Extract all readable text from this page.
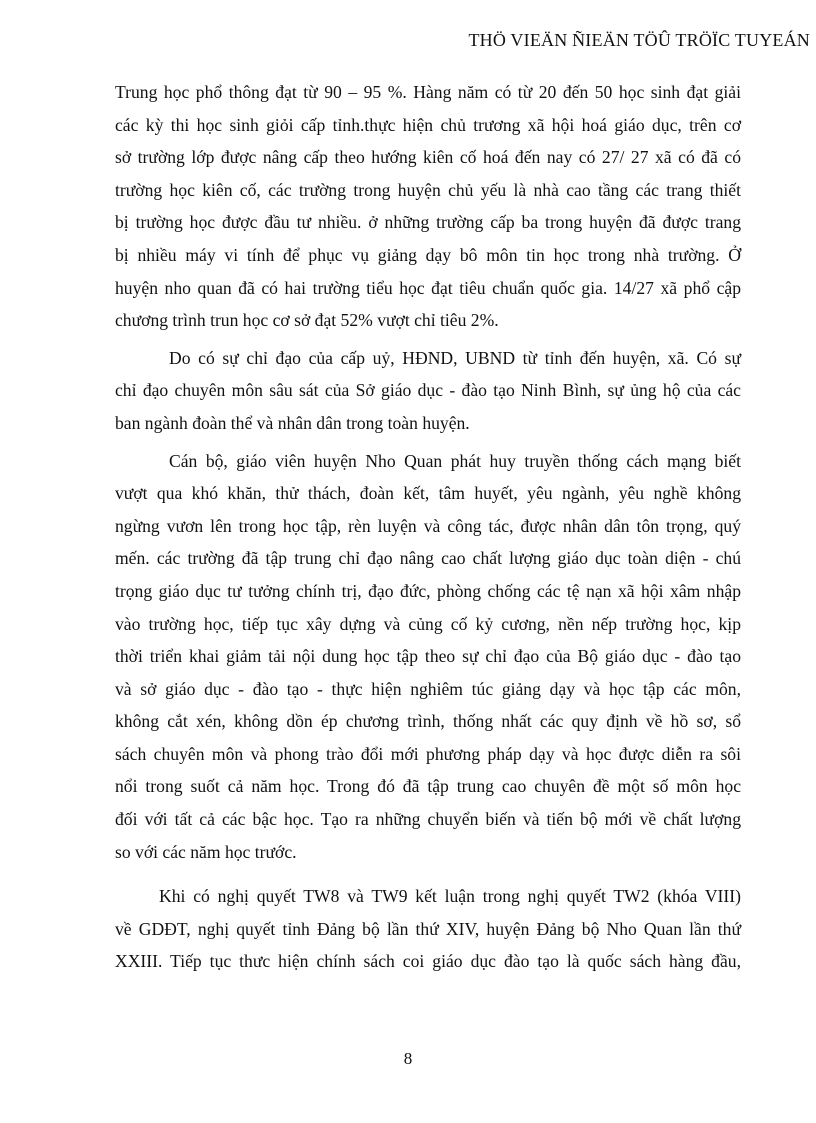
THÖ VIEÄN ÑIEÄN TÖÛ TRÖÏC TUYEÁN

Trung học phổ thông đạt từ 90 – 95 %. Hàng năm có từ 20 đến 50 học sinh đạt giải
các kỳ thi học sinh giỏi cấp tỉnh.thực hiện chủ trương xã hội hoá giáo dục, trên cơ
sở trường lớp được nâng cấp theo hướng kiên cố hoá đến nay có 27/ 27 xã có đã có
trường học kiên cố, các trường trong huyện chủ yếu là nhà cao tầng các trang thiết
bị trường học được đầu tư nhiều. ở những trường cấp ba trong huyện đã được trang
bị nhiều máy vi tính để phục vụ giảng dạy bô môn tin học trong nhà trường. Ở
huyện nho quan đã có hai trường tiểu học đạt tiêu chuẩn quốc gia. 14/27 xã phổ cập
chương trình trun học cơ sở đạt 52% vượt chỉ tiêu 2%.

Do có sự chỉ đạo của cấp uỷ, HĐND, UBND từ tỉnh đến huyện, xã. Có sự
chỉ đạo chuyên môn sâu sát của Sở giáo dục - đào tạo Ninh Bình, sự ủng hộ của các
ban ngành đoàn thể và nhân dân trong toàn huyện.

Cán bộ, giáo viên huyện Nho Quan phát huy truyền thống cách mạng biết
vượt qua khó khăn, thử thách, đoàn kết, tâm huyết, yêu ngành, yêu nghề không
ngừng vươn lên trong học tập, rèn luyện và công tác, được nhân dân tôn trọng, quý
mến. các trường đã tập trung chỉ đạo nâng cao chất lượng giáo dục toàn diện - chú
trọng giáo dục tư tưởng chính trị, đạo đức, phòng chống các tệ nạn xã hội xâm nhập
vào trường học, tiếp tục xây dựng và củng cố kỷ cương, nền nếp trường học, kịp
thời triển khai giảm tải nội dung học tập theo sự chỉ đạo của Bộ giáo dục - đào tạo
và sở giáo dục - đào tạo - thực hiện nghiêm túc giảng dạy và học tập các môn,
không cắt xén, không dồn ép chương trình, thống nhất các quy định về hồ sơ, sổ
sách chuyên môn và phong trào đổi mới phương pháp dạy và học được diễn ra sôi
nổi trong suốt cả năm học. Trong đó đã tập trung cao chuyên đề một số môn học
đối với tất cả các bậc học. Tạo ra những chuyển biến và tiến bộ mới về chất lượng
so với các năm học trước.

Khi có nghị quyết TW8 và TW9 kết luận trong nghị quyết TW2 (khóa VIII)
về GDĐT, nghị quyết tỉnh Đảng bộ lần thứ XIV, huyện Đảng bộ Nho Quan lần thứ
XXIII. Tiếp tục thưc hiện chính sách coi giáo dục đào tạo là quốc sách hàng đầu,

8
